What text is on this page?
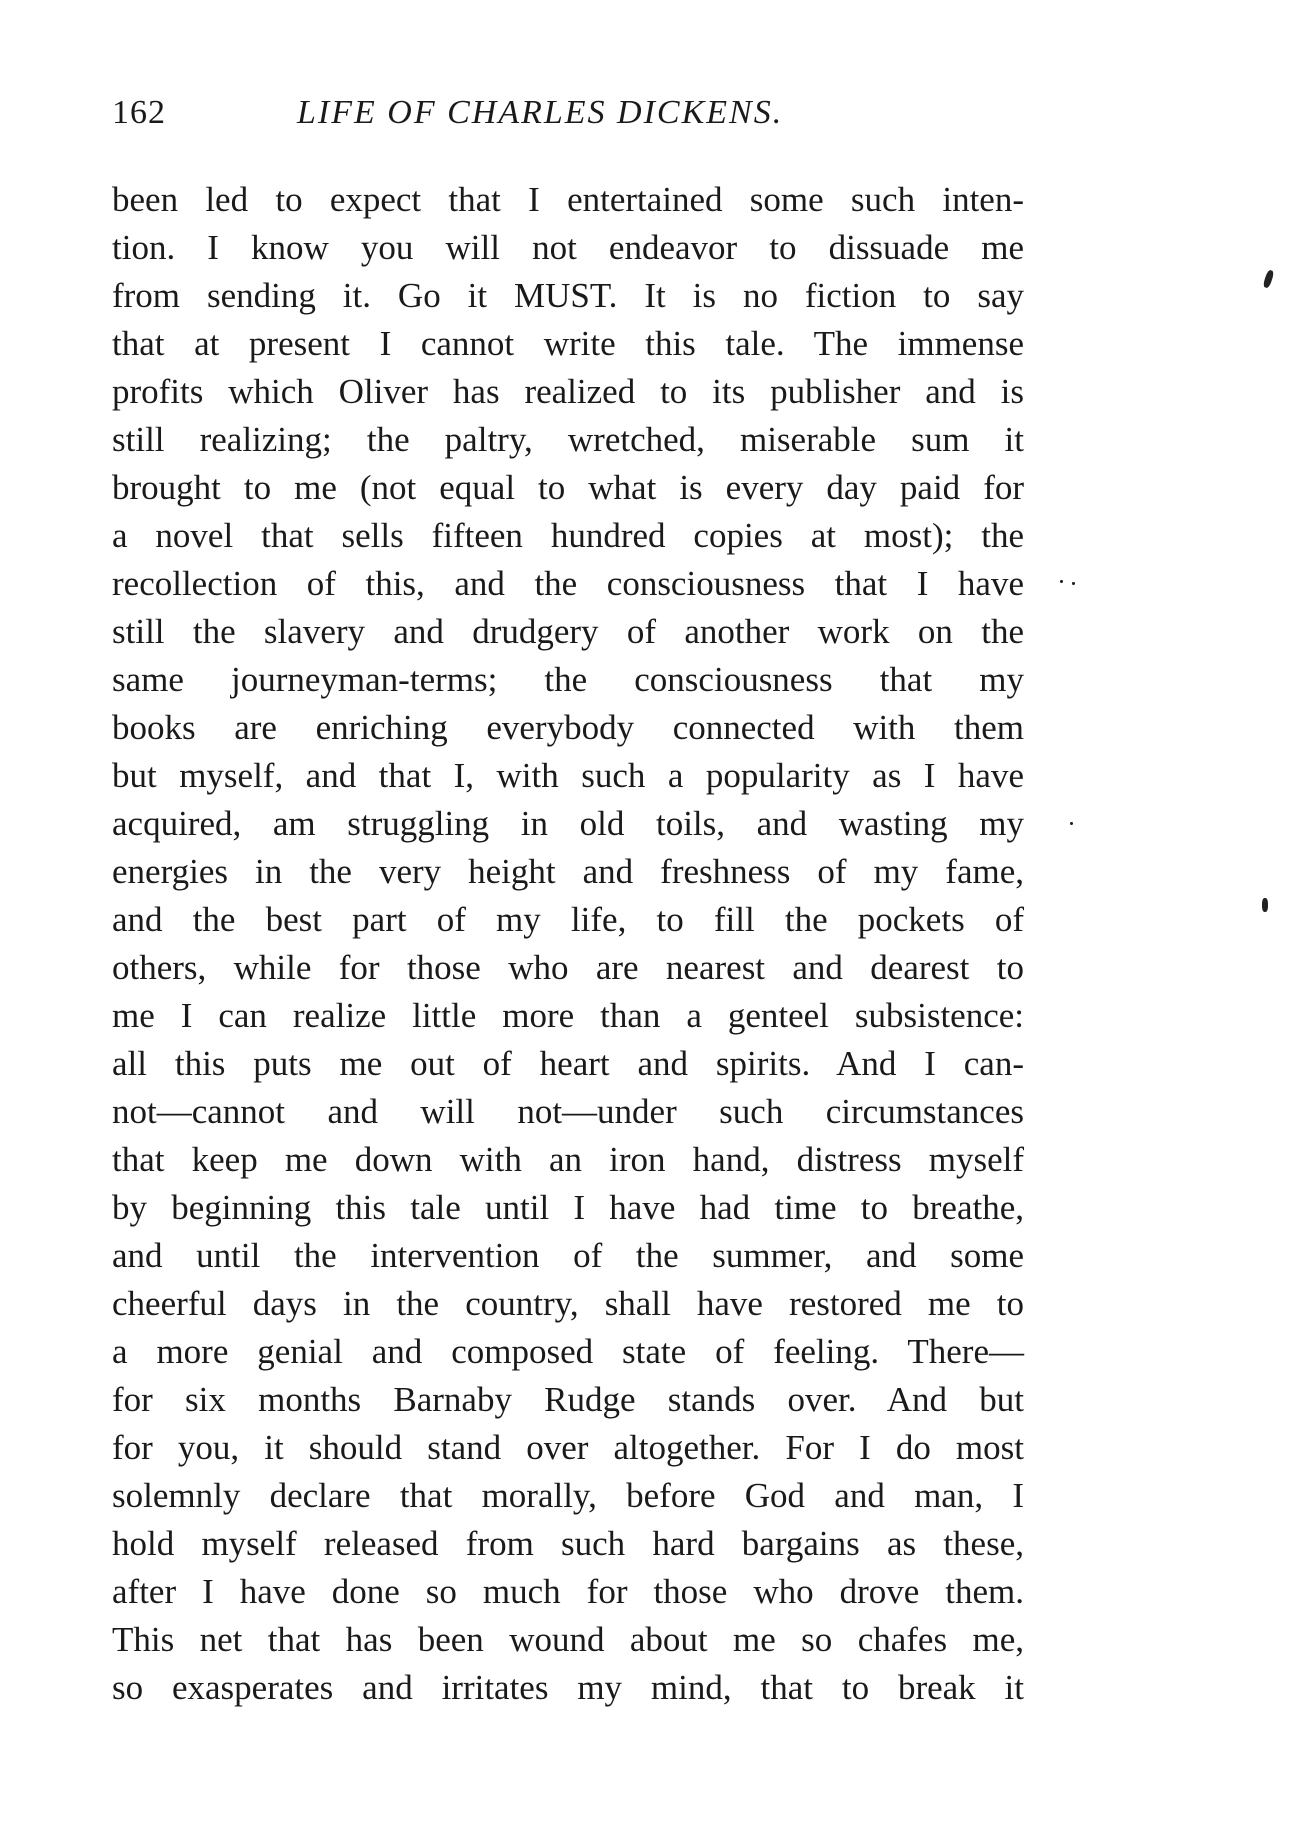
162	LIFE OF CHARLES DICKENS.
been led to expect that I entertained some such inten-
tion. I know you will not endeavor to dissuade me
from sending it. Go it MUST. It is no fiction to say
that at present I cannot write this tale. The immense
profits which Oliver has realized to its publisher and is
still realizing; the paltry, wretched, miserable sum it
brought to me (not equal to what is every day paid for
a novel that sells fifteen hundred copies at most); the
recollection of this, and the consciousness that I have
still the slavery and drudgery of another work on the
same journeyman-terms; the consciousness that my
books are enriching everybody connected with them
but myself, and that I, with such a popularity as I have
acquired, am struggling in old toils, and wasting my
energies in the very height and freshness of my fame,
and the best part of my life, to fill the pockets of
others, while for those who are nearest and dearest to
me I can realize little more than a genteel subsistence:
all this puts me out of heart and spirits. And I can-
not—cannot and will not—under such circumstances
that keep me down with an iron hand, distress myself
by beginning this tale until I have had time to breathe,
and until the intervention of the summer, and some
cheerful days in the country, shall have restored me to
a more genial and composed state of feeling. There—
for six months Barnaby Rudge stands over. And but
for you, it should stand over altogether. For I do most
solemnly declare that morally, before God and man, I
hold myself released from such hard bargains as these,
after I have done so much for those who drove them.
This net that has been wound about me so chafes me,
so exasperates and irritates my mind, that to break it
